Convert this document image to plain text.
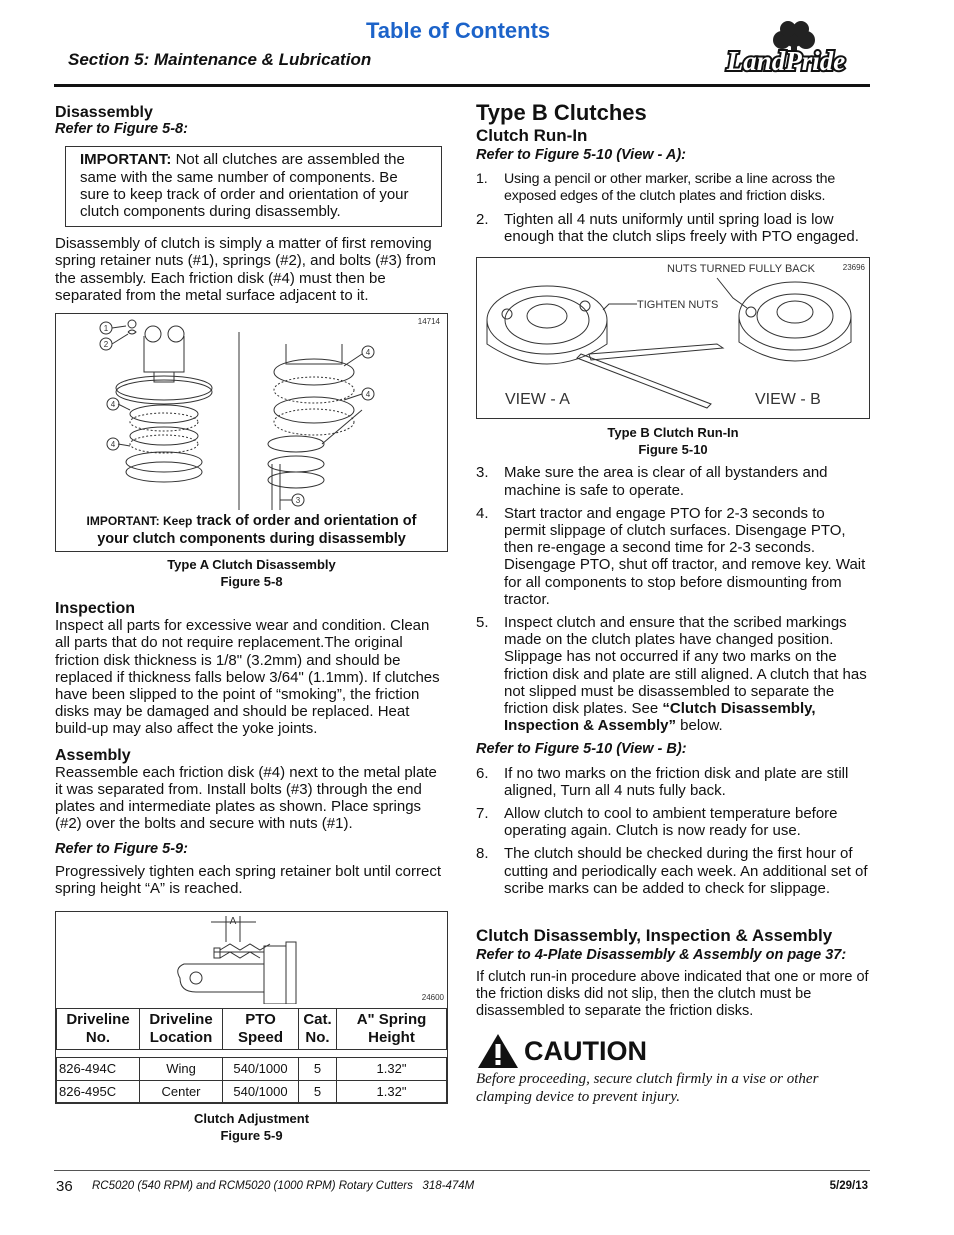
Table of Contents
Section 5: Maintenance & Lubrication	LandPride
Disassembly
Refer to Figure 5-8:
IMPORTANT: Not all clutches are assembled the same with the same number of components. Be sure to keep track of order and orientation of your clutch components during disassembly.

Disassembly of clutch is simply a matter of first removing spring retainer nuts (#1), springs (#2), and bolts (#3) from the assembly. Each friction disk (#4) must then be separated from the metal surface adjacent to it.

1
2
4
4
4
4
3
14714
IMPORTANT: Keep track of order and orientation of
your clutch components during disassembly
Type A Clutch Disassembly
Figure 5-8
Inspection

Inspect all parts for excessive wear and condition. Clean all parts that do not require replacement.The original friction disk thickness is 1/8" (3.2mm) and should be replaced if thickness falls below 3/64" (1.1mm). If clutches have been slipped to the point of “smoking”, the friction disks may be damaged and should be replaced. Heat build-up may also affect the yoke joints.

Assembly

Reassemble each friction disk (#4) next to the metal plate it was separated from. Install bolts (#3) through the end plates and intermediate plates as shown. Place springs (#2) over the bolts and secure with nuts (#1).

Refer to Figure 5-9:

Progressively tighten each spring retainer bolt until correct spring height “A” is reached.

A
24600
Driveline No.	Driveline Location	PTO Speed	Cat. No.	A" Spring Height

826-494C	Wing	540/1000	5	1.32"
826-495C	Center	540/1000	5	1.32"
Clutch Adjustment
Figure 5-9
Type B Clutches
Clutch Run-In
Refer to Figure 5-10 (View - A):
1. Using a pencil or other marker, scribe a line across the exposed edges of the clutch plates and friction disks.
2. Tighten all 4 nuts uniformly until spring load is low enough that the clutch slips freely with PTO engaged.
NUTS TURNED FULLY BACK
TIGHTEN NUTS
VIEW - A	VIEW - B
23696
Type B Clutch Run-In
Figure 5-10
3. Make sure the area is clear of all bystanders and machine is safe to operate.
4. Start tractor and engage PTO for 2-3 seconds to permit slippage of clutch surfaces. Disengage PTO, then re-engage a second time for 2-3 seconds. Disengage PTO, shut off tractor, and remove key. Wait for all components to stop before dismounting from tractor.
5. Inspect clutch and ensure that the scribed markings made on the clutch plates have changed position. Slippage has not occurred if any two marks on the friction disk and plate are still aligned. A clutch that has not slipped must be disassembled to separate the friction disk plates. See “Clutch Disassembly, Inspection & Assembly” below.
Refer to Figure 5-10 (View - B):
6. If no two marks on the friction disk and plate are still aligned, Turn all 4 nuts fully back.
7. Allow clutch to cool to ambient temperature before operating again. Clutch is now ready for use.
8. The clutch should be checked during the first hour of cutting and periodically each week. An additional set of scribe marks can be added to check for slippage.
Clutch Disassembly, Inspection & Assembly
Refer to 4-Plate Disassembly & Assembly on page 37:

If clutch run-in procedure above indicated that one or more of the friction disks did not slip, then the clutch must be disassembled to separate the friction disks.

CAUTION

Before proceeding, secure clutch firmly in a vise or other clamping device to prevent injury.

36 RC5020 (540 RPM) and RCM5020 (1000 RPM) Rotary Cutters   318-474M	5/29/13
